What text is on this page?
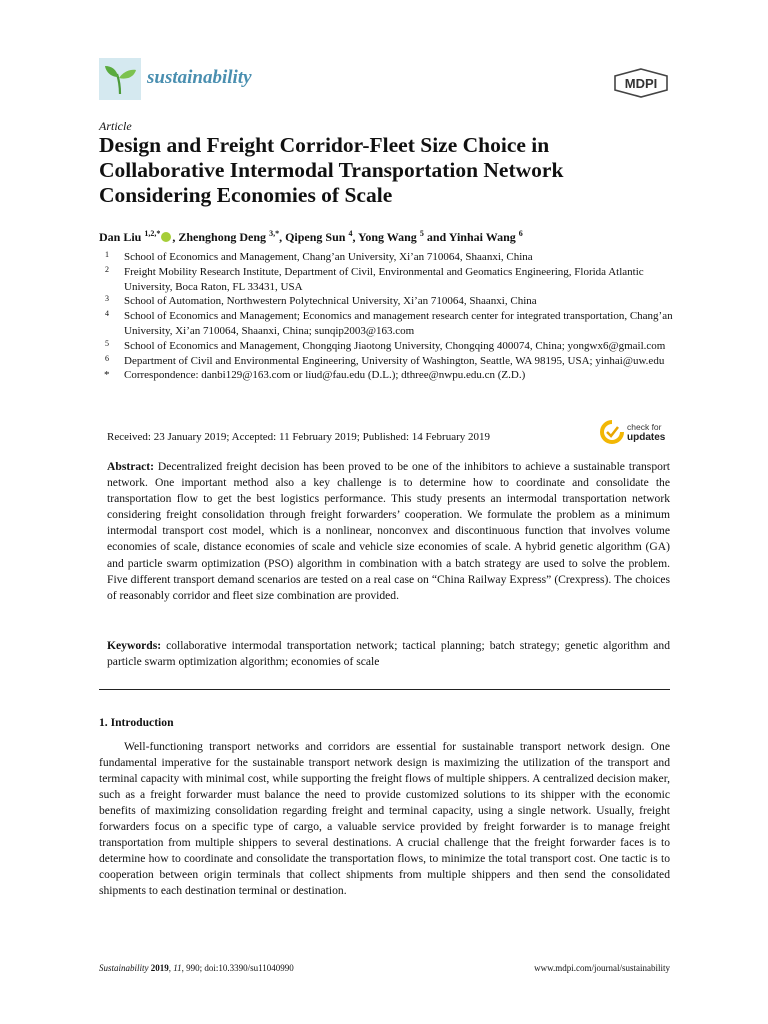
sustainability	MDPI
Article
Design and Freight Corridor-Fleet Size Choice in Collaborative Intermodal Transportation Network Considering Economies of Scale
Dan Liu $^{1,2,*}$ , Zhenghong Deng $^{3,*}$, Qipeng Sun $^4$, Yong Wang $^5$ and Yinhai Wang $^6$
1 School of Economics and Management, Chang’an University, Xi’an 710064, Shaanxi, China
2 Freight Mobility Research Institute, Department of Civil, Environmental and Geomatics Engineering, Florida Atlantic University, Boca Raton, FL 33431, USA
3 School of Automation, Northwestern Polytechnical University, Xi’an 710064, Shaanxi, China
4 School of Economics and Management; Economics and management research center for integrated transportation, Chang’an University, Xi’an 710064, Shaanxi, China; sunqip2003@163.com
5 School of Economics and Management, Chongqing Jiaotong University, Chongqing 400074, China; yongwx6@gmail.com
6 Department of Civil and Environmental Engineering, University of Washington, Seattle, WA 98195, USA; yinhai@uw.edu
* Correspondence: danbi129@163.com or liud@fau.edu (D.L.); dthree@nwpu.edu.cn (Z.D.)
Received: 23 January 2019; Accepted: 11 February 2019; Published: 14 February 2019
check for
updates
Abstract: Decentralized freight decision has been proved to be one of the inhibitors to achieve a sustainable transport network. One important method also a key challenge is to determine how to coordinate and consolidate the transportation flow to get the best logistics performance. This study presents an intermodal transportation network considering freight consolidation through freight forwarders’ cooperation. We formulate the problem as a minimum intermodal transport cost model, which is a nonlinear, nonconvex and discontinuous function that involves volume economies of scale, distance economies of scale and vehicle size economies of scale. A hybrid genetic algorithm (GA) and particle swarm optimization (PSO) algorithm in combination with a batch strategy are used to solve the problem. Five different transport demand scenarios are tested on a real case on “China Railway Express” (Crexpress). The choices of reasonably corridor and fleet size combination are provided.
Keywords: collaborative intermodal transportation network; tactical planning; batch strategy; genetic algorithm and particle swarm optimization algorithm; economies of scale
1. Introduction
Well-functioning transport networks and corridors are essential for sustainable transport network design. One fundamental imperative for the sustainable transport network design is maximizing the utilization of the transport and terminal capacity with minimal cost, while supporting the freight flows of multiple shippers. A centralized decision maker, such as a freight forwarder must balance the need to provide customized solutions to its shipper with the economic benefits of maximizing consolidation regarding freight and terminal capacity, using a single network. Usually, freight forwarders focus on a specific type of cargo, a valuable service provided by freight forwarder is to manage freight transportation from multiple shippers to several destinations. A crucial challenge that the freight forwarder faces is to determine how to coordinate and consolidate the transportation flows, to minimize the total transport cost. One tactic is to cooperation between origin terminals that collect shipments from multiple shippers and then send the consolidated shipments to each destination terminal or destination.
Sustainability 2019, 11, 990; doi:10.3390/su11040990	www.mdpi.com/journal/sustainability
